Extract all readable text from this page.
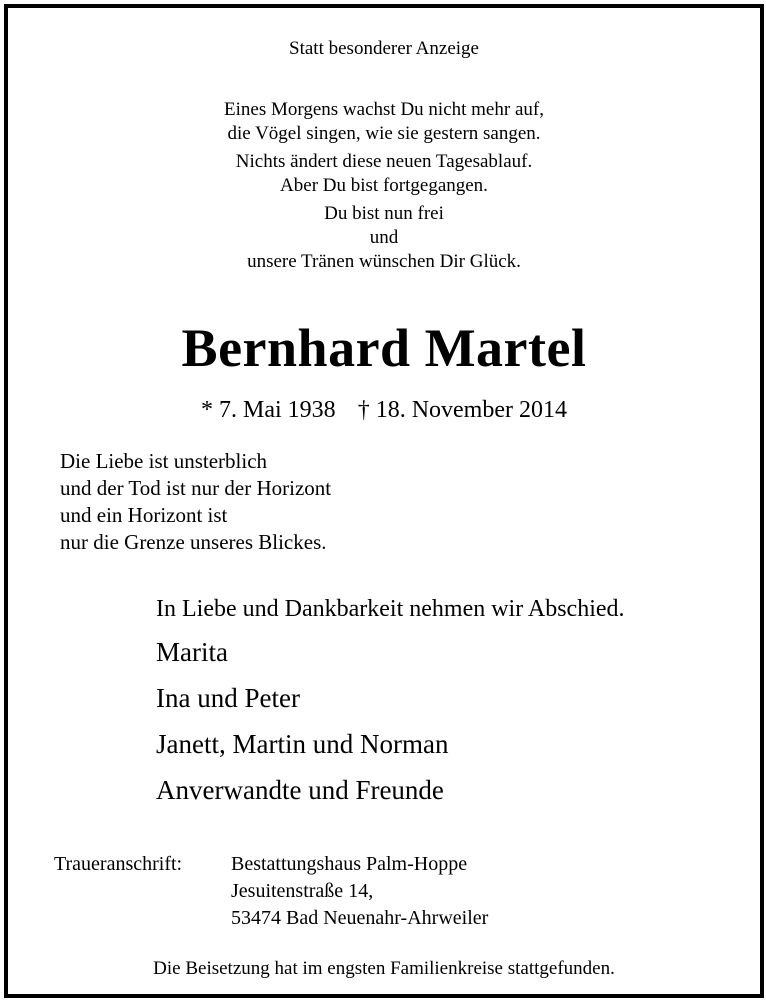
Statt besonderer Anzeige
Eines Morgens wachst Du nicht mehr auf,
die Vögel singen, wie sie gestern sangen.
Nichts ändert diese neuen Tagesablauf.
Aber Du bist fortgegangen.
Du bist nun frei
und
unsere Tränen wünschen Dir Glück.
Bernhard Martel
* 7. Mai 1938 † 18. November 2014
Die Liebe ist unsterblich
und der Tod ist nur der Horizont
und ein Horizont ist
nur die Grenze unseres Blickes.
In Liebe und Dankbarkeit nehmen wir Abschied.
Marita
Ina und Peter
Janett, Martin und Norman
Anverwandte und Freunde
Traueranschrift: Bestattungshaus Palm-Hoppe
Jesuitenstraße 14,
53474 Bad Neuenahr-Ahrweiler
Die Beisetzung hat im engsten Familienkreise stattgefunden.
